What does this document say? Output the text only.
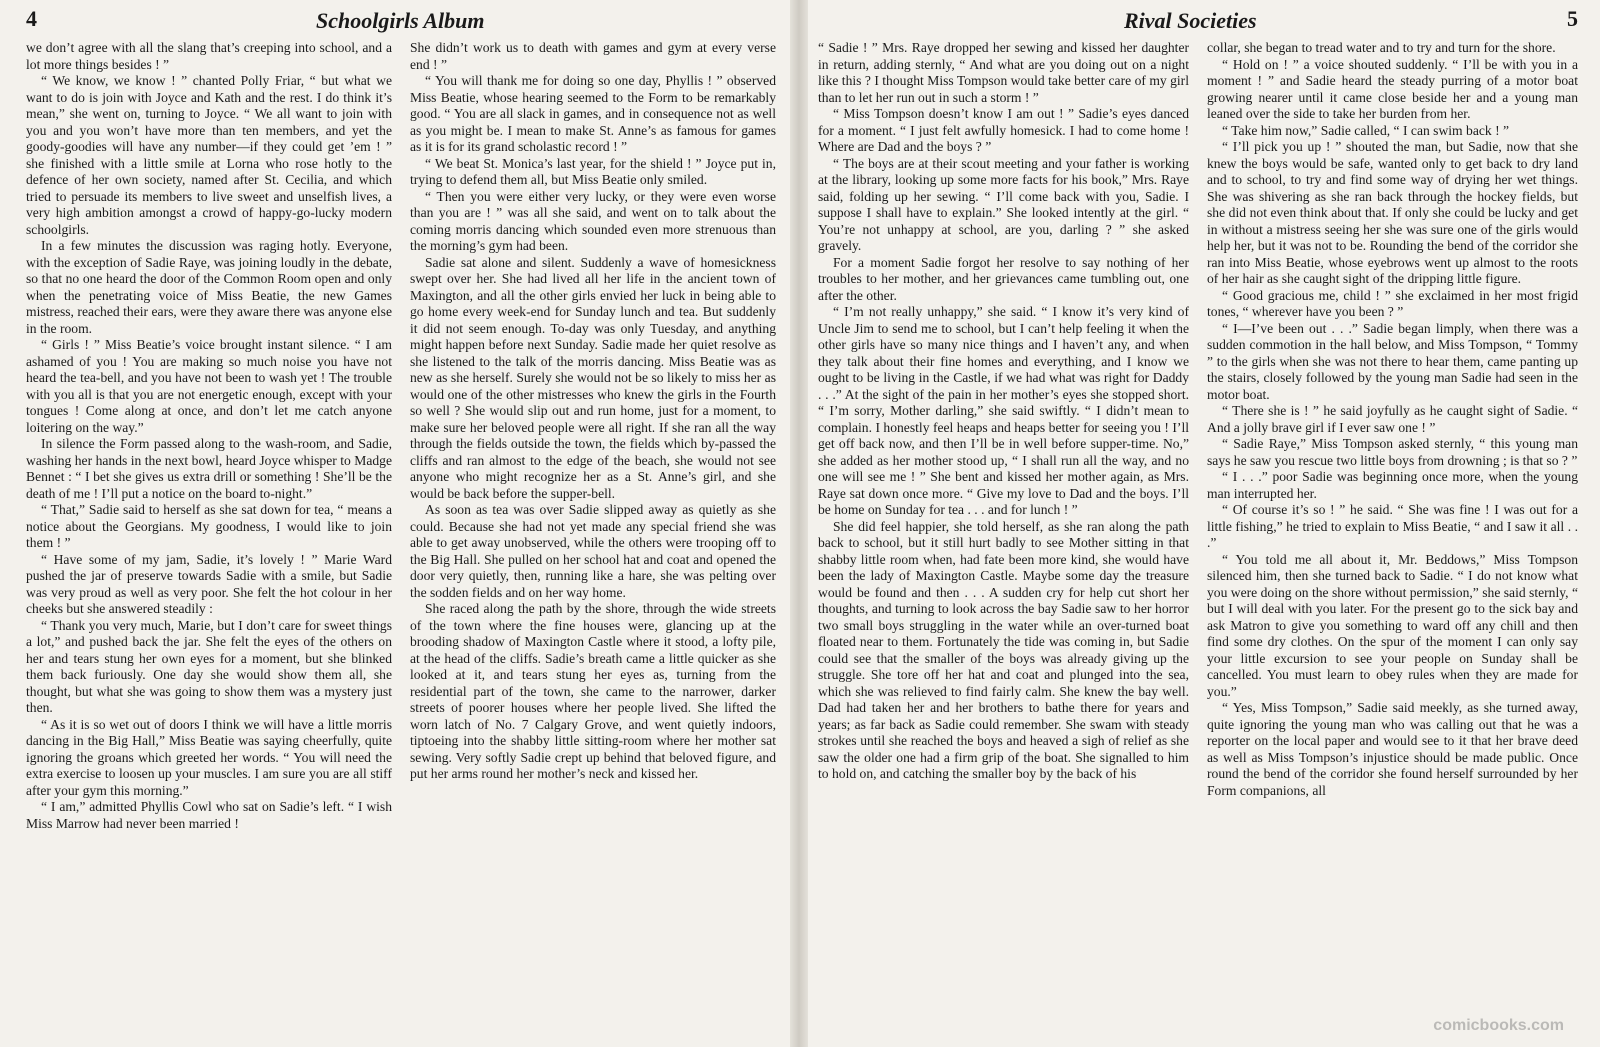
4	Schoolgirls Album

we don’t agree with all the slang that’s creeping into school, and a lot more things besides ! ”

“ We know, we know ! ” chanted Polly Friar, “ but what we want to do is join with Joyce and Kath and the rest. I do think it’s mean,” she went on, turning to Joyce. “ We all want to join with you and you won’t have more than ten members, and yet the goody-goodies will have any number—if they could get ’em ! ” she finished with a little smile at Lorna who rose hotly to the defence of her own society, named after St. Cecilia, and which tried to persuade its members to live sweet and unselfish lives, a very high ambition amongst a crowd of happy-go-lucky modern schoolgirls.

In a few minutes the discussion was raging hotly. Everyone, with the exception of Sadie Raye, was joining loudly in the debate, so that no one heard the door of the Common Room open and only when the penetrating voice of Miss Beatie, the new Games mistress, reached their ears, were they aware there was anyone else in the room.

“ Girls ! ” Miss Beatie’s voice brought instant silence. “ I am ashamed of you ! You are making so much noise you have not heard the tea-bell, and you have not been to wash yet ! The trouble with you all is that you are not energetic enough, except with your tongues ! Come along at once, and don’t let me catch anyone loitering on the way.”

In silence the Form passed along to the wash-room, and Sadie, washing her hands in the next bowl, heard Joyce whisper to Madge Bennet : “ I bet she gives us extra drill or something ! She’ll be the death of me ! I’ll put a notice on the board to-night.”

“ That,” Sadie said to herself as she sat down for tea, “ means a notice about the Georgians. My goodness, I would like to join them ! ”

“ Have some of my jam, Sadie, it’s lovely ! ” Marie Ward pushed the jar of preserve towards Sadie with a smile, but Sadie was very proud as well as very poor. She felt the hot colour in her cheeks but she answered steadily :

“ Thank you very much, Marie, but I don’t care for sweet things a lot,” and pushed back the jar. She felt the eyes of the others on her and tears stung her own eyes for a moment, but she blinked them back furiously. One day she would show them all, she thought, but what she was going to show them was a mystery just then.

“ As it is so wet out of doors I think we will have a little morris dancing in the Big Hall,” Miss Beatie was saying cheerfully, quite ignoring the groans which greeted her words. “ You will need the extra exercise to loosen up your muscles. I am sure you are all stiff after your gym this morning.”

“ I am,” admitted Phyllis Cowl who sat on Sadie’s left. “ I wish Miss Marrow had never been married !

She didn’t work us to death with games and gym at every verse end ! ”

“ You will thank me for doing so one day, Phyllis ! ” observed Miss Beatie, whose hearing seemed to the Form to be remarkably good. “ You are all slack in games, and in consequence not as well as you might be. I mean to make St. Anne’s as famous for games as it is for its grand scholastic record ! ”

“ We beat St. Monica’s last year, for the shield ! ” Joyce put in, trying to defend them all, but Miss Beatie only smiled.

“ Then you were either very lucky, or they were even worse than you are ! ” was all she said, and went on to talk about the coming morris dancing which sounded even more strenuous than the morning’s gym had been.

Sadie sat alone and silent. Suddenly a wave of homesickness swept over her. She had lived all her life in the ancient town of Maxington, and all the other girls envied her luck in being able to go home every week-end for Sunday lunch and tea. But suddenly it did not seem enough. To-day was only Tuesday, and anything might happen before next Sunday. Sadie made her quiet resolve as she listened to the talk of the morris dancing. Miss Beatie was as new as she herself. Surely she would not be so likely to miss her as would one of the other mistresses who knew the girls in the Fourth so well ? She would slip out and run home, just for a moment, to make sure her beloved people were all right. If she ran all the way through the fields outside the town, the fields which by-passed the cliffs and ran almost to the edge of the beach, she would not see anyone who might recognize her as a St. Anne’s girl, and she would be back before the supper-bell.

As soon as tea was over Sadie slipped away as quietly as she could. Because she had not yet made any special friend she was able to get away unobserved, while the others were trooping off to the Big Hall. She pulled on her school hat and coat and opened the door very quietly, then, running like a hare, she was pelting over the sodden fields and on her way home.

She raced along the path by the shore, through the wide streets of the town where the fine houses were, glancing up at the brooding shadow of Maxington Castle where it stood, a lofty pile, at the head of the cliffs. Sadie’s breath came a little quicker as she looked at it, and tears stung her eyes as, turning from the residential part of the town, she came to the narrower, darker streets of poorer houses where her people lived. She lifted the worn latch of No. 7 Calgary Grove, and went quietly indoors, tiptoeing into the shabby little sitting-room where her mother sat sewing. Very softly Sadie crept up behind that beloved figure, and put her arms round her mother’s neck and kissed her.

Rival Societies	5

“ Sadie ! ” Mrs. Raye dropped her sewing and kissed her daughter in return, adding sternly, “ And what are you doing out on a night like this ? I thought Miss Tompson would take better care of my girl than to let her run out in such a storm ! ”

“ Miss Tompson doesn’t know I am out ! ” Sadie’s eyes danced for a moment. “ I just felt awfully homesick. I had to come home ! Where are Dad and the boys ? ”

“ The boys are at their scout meeting and your father is working at the library, looking up some more facts for his book,” Mrs. Raye said, folding up her sewing. “ I’ll come back with you, Sadie. I suppose I shall have to explain.” She looked intently at the girl. “ You’re not unhappy at school, are you, darling ? ” she asked gravely.

For a moment Sadie forgot her resolve to say nothing of her troubles to her mother, and her grievances came tumbling out, one after the other.

“ I’m not really unhappy,” she said. “ I know it’s very kind of Uncle Jim to send me to school, but I can’t help feeling it when the other girls have so many nice things and I haven’t any, and when they talk about their fine homes and everything, and I know we ought to be living in the Castle, if we had what was right for Daddy . . .” At the sight of the pain in her mother’s eyes she stopped short. “ I’m sorry, Mother darling,” she said swiftly. “ I didn’t mean to complain. I honestly feel heaps and heaps better for seeing you ! I’ll get off back now, and then I’ll be in well before supper-time. No,” she added as her mother stood up, “ I shall run all the way, and no one will see me ! ” She bent and kissed her mother again, as Mrs. Raye sat down once more. “ Give my love to Dad and the boys. I’ll be home on Sunday for tea . . . and for lunch ! ”

She did feel happier, she told herself, as she ran along the path back to school, but it still hurt badly to see Mother sitting in that shabby little room when, had fate been more kind, she would have been the lady of Maxington Castle. Maybe some day the treasure would be found and then . . . A sudden cry for help cut short her thoughts, and turning to look across the bay Sadie saw to her horror two small boys struggling in the water while an over-turned boat floated near to them. Fortunately the tide was coming in, but Sadie could see that the smaller of the boys was already giving up the struggle. She tore off her hat and coat and plunged into the sea, which she was relieved to find fairly calm. She knew the bay well. Dad had taken her and her brothers to bathe there for years and years; as far back as Sadie could remember. She swam with steady strokes until she reached the boys and heaved a sigh of relief as she saw the older one had a firm grip of the boat. She signalled to him to hold on, and catching the smaller boy by the back of his

collar, she began to tread water and to try and turn for the shore.

“ Hold on ! ” a voice shouted suddenly. “ I’ll be with you in a moment ! ” and Sadie heard the steady purring of a motor boat growing nearer until it came close beside her and a young man leaned over the side to take her burden from her.

“ Take him now,” Sadie called, “ I can swim back ! ”

“ I’ll pick you up ! ” shouted the man, but Sadie, now that she knew the boys would be safe, wanted only to get back to dry land and to school, to try and find some way of drying her wet things. She was shivering as she ran back through the hockey fields, but she did not even think about that. If only she could be lucky and get in without a mistress seeing her she was sure one of the girls would help her, but it was not to be. Rounding the bend of the corridor she ran into Miss Beatie, whose eyebrows went up almost to the roots of her hair as she caught sight of the dripping little figure.

“ Good gracious me, child ! ” she exclaimed in her most frigid tones, “ wherever have you been ? ”

“ I—I’ve been out . . .” Sadie began limply, when there was a sudden commotion in the hall below, and Miss Tompson, “ Tommy ” to the girls when she was not there to hear them, came panting up the stairs, closely followed by the young man Sadie had seen in the motor boat.

“ There she is ! ” he said joyfully as he caught sight of Sadie. “ And a jolly brave girl if I ever saw one ! ”

“ Sadie Raye,” Miss Tompson asked sternly, “ this young man says he saw you rescue two little boys from drowning ; is that so ? ”

“ I . . .” poor Sadie was beginning once more, when the young man interrupted her.

“ Of course it’s so ! ” he said. “ She was fine ! I was out for a little fishing,” he tried to explain to Miss Beatie, “ and I saw it all . . .”

“ You told me all about it, Mr. Beddows,” Miss Tompson silenced him, then she turned back to Sadie. “ I do not know what you were doing on the shore without permission,” she said sternly, “ but I will deal with you later. For the present go to the sick bay and ask Matron to give you something to ward off any chill and then find some dry clothes. On the spur of the moment I can only say your little excursion to see your people on Sunday shall be cancelled. You must learn to obey rules when they are made for you.”

“ Yes, Miss Tompson,” Sadie said meekly, as she turned away, quite ignoring the young man who was calling out that he was a reporter on the local paper and would see to it that her brave deed as well as Miss Tompson’s injustice should be made public. Once round the bend of the corridor she found herself surrounded by her Form companions, all

comicbooks.com
